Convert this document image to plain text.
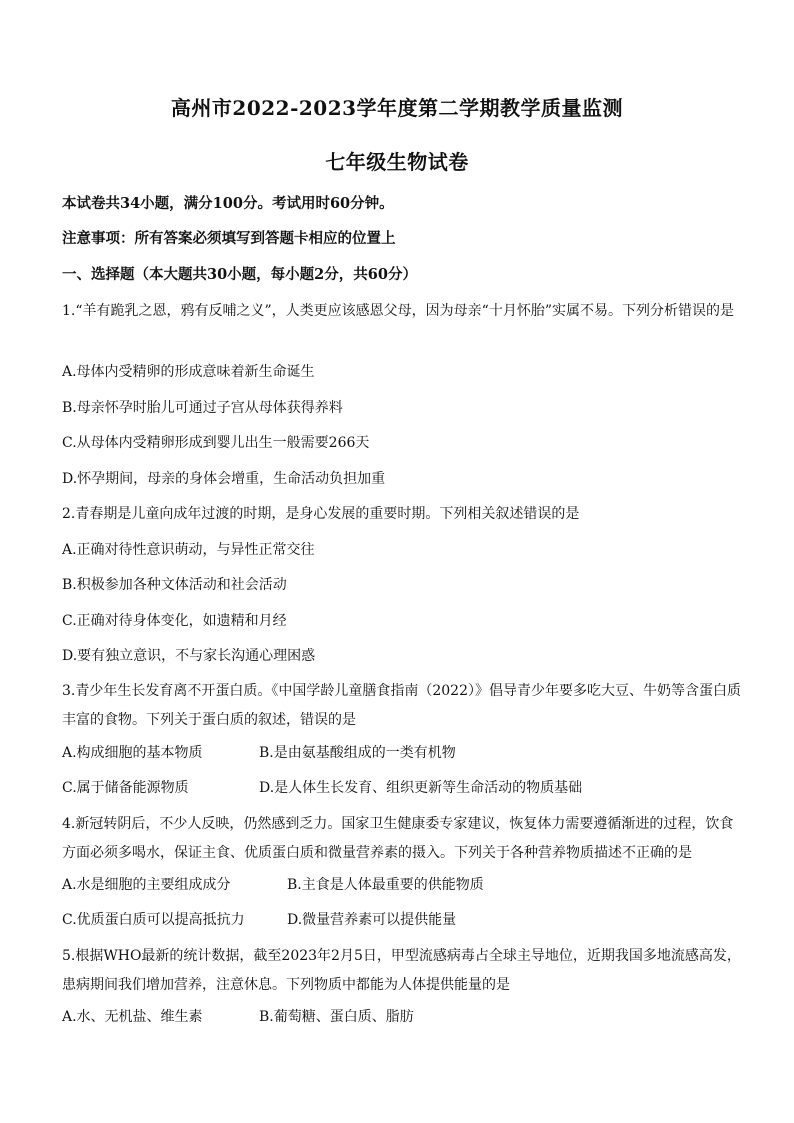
高州市2022-2023学年度第二学期教学质量监测
七年级生物试卷
本试卷共34小题，满分100分。考试用时60分钟。
注意事项：所有答案必须填写到答题卡相应的位置上
一、选择题（本大题共30小题，每小题2分，共60分）
1.“羊有跪乳之恩，鸦有反哺之义”，人类更应该感恩父母，因为母亲“十月怀胎”实属不易。下列分析错误的是
A.母体内受精卵的形成意味着新生命诞生
B.母亲怀孕时胎儿可通过子宫从母体获得养料
C.从母体内受精卵形成到婴儿出生一般需要266天
D.怀孕期间，母亲的身体会增重，生命活动负担加重
2.青春期是儿童向成年过渡的时期，是身心发展的重要时期。下列相关叙述错误的是
A.正确对待性意识萌动，与异性正常交往
B.积极参加各种文体活动和社会活动
C.正确对待身体变化，如遗精和月经
D.要有独立意识，不与家长沟通心理困惑
3.青少年生长发育离不开蛋白质。《中国学龄儿童膳食指南（2022）》倡导青少年要多吃大豆、牛奶等含蛋白质丰富的食物。下列关于蛋白质的叙述，错误的是
A.构成细胞的基本物质	B.是由氨基酸组成的一类有机物
C.属于储备能源物质	D.是人体生长发育、组织更新等生命活动的物质基础
4.新冠转阴后，不少人反映，仍然感到乏力。国家卫生健康委专家建议，恢复体力需要遵循渐进的过程，饮食方面必须多喝水，保证主食、优质蛋白质和微量营养素的摄入。下列关于各种营养物质描述不正确的是
A.水是细胞的主要组成成分	B.主食是人体最重要的供能物质
C.优质蛋白质可以提高抵抗力	D.微量营养素可以提供能量
5.根据WHO最新的统计数据，截至2023年2月5日，甲型流感病毒占全球主导地位，近期我国多地流感高发，患病期间我们增加营养，注意休息。下列物质中都能为人体提供能量的是
A.水、无机盐、维生素	B.葡萄糖、蛋白质、脂肪
